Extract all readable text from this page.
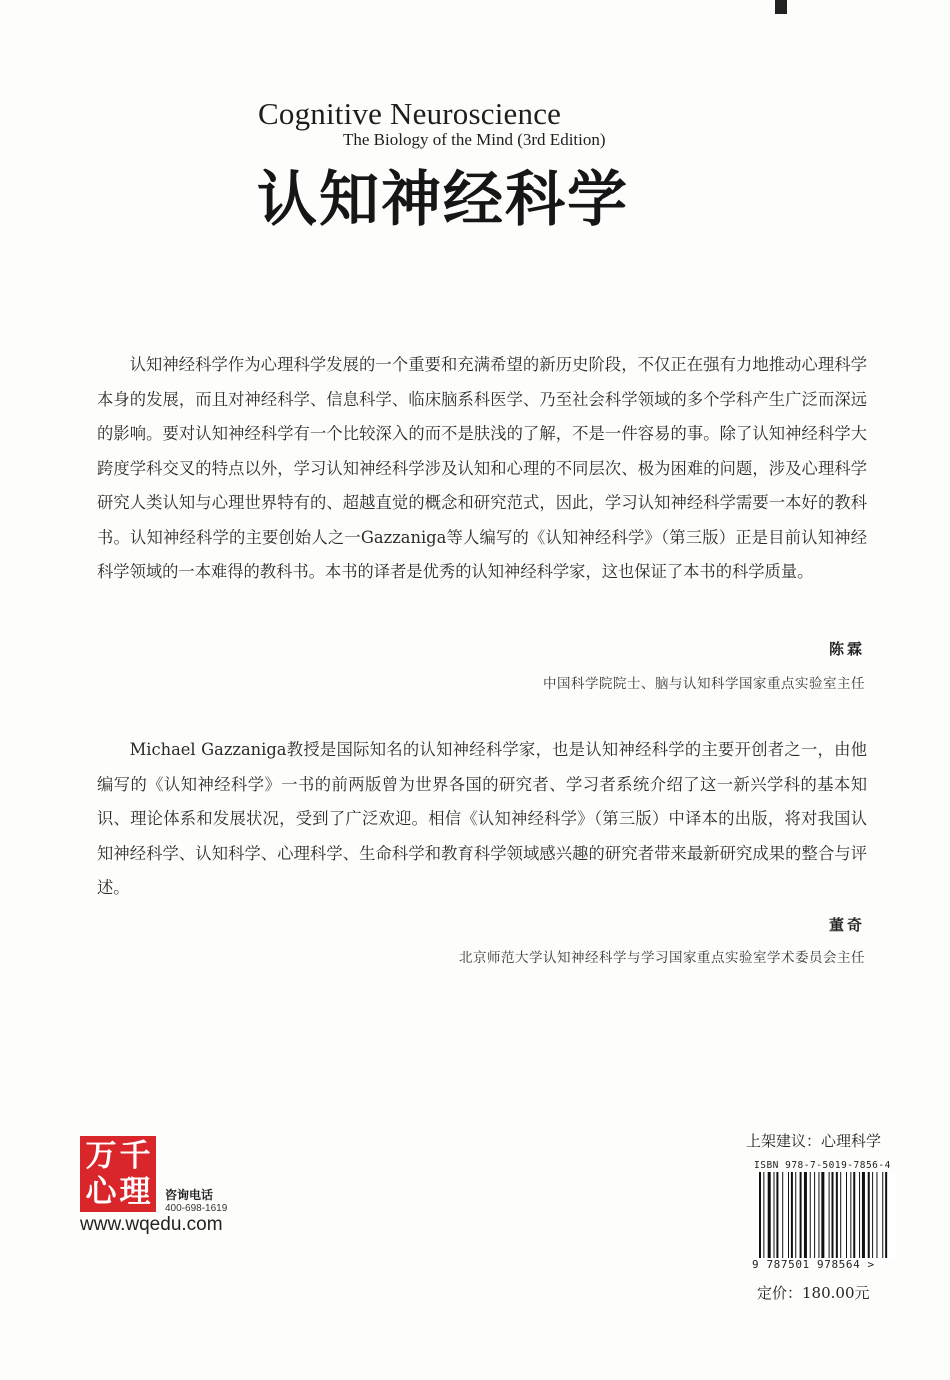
Cognitive Neuroscience
The Biology of the Mind (3rd Edition)
认知神经科学
认知神经科学作为心理科学发展的一个重要和充满希望的新历史阶段，不仅正在强有力地推动心理科学本身的发展，而且对神经科学、信息科学、临床脑系科医学、乃至社会科学领域的多个学科产生广泛而深远的影响。要对认知神经科学有一个比较深入的而不是肤浅的了解，不是一件容易的事。除了认知神经科学大跨度学科交叉的特点以外，学习认知神经科学涉及认知和心理的不同层次、极为困难的问题，涉及心理科学研究人类认知与心理世界特有的、超越直觉的概念和研究范式，因此，学习认知神经科学需要一本好的教科书。认知神经科学的主要创始人之一Gazzaniga等人编写的《认知神经科学》（第三版）正是目前认知神经科学领域的一本难得的教科书。本书的译者是优秀的认知神经科学家，这也保证了本书的科学质量。
陈霖
中国科学院院士、脑与认知科学国家重点实验室主任
Michael Gazzaniga教授是国际知名的认知神经科学家，也是认知神经科学的主要开创者之一，由他编写的《认知神经科学》一书的前两版曾为世界各国的研究者、学习者系统介绍了这一新兴学科的基本知识、理论体系和发展状况，受到了广泛欢迎。相信《认知神经科学》（第三版）中译本的出版，将对我国认知神经科学、认知科学、心理科学、生命科学和教育科学领域感兴趣的研究者带来最新研究成果的整合与评述。
董奇
北京师范大学认知神经科学与学习国家重点实验室学术委员会主任
万 千
心 理 咨询电话
400-698-1619
www.wqedu.com
上架建议：心理科学
ISBN 978-7-5019-7856-4
9 787501 978564 >
定价：180.00元
